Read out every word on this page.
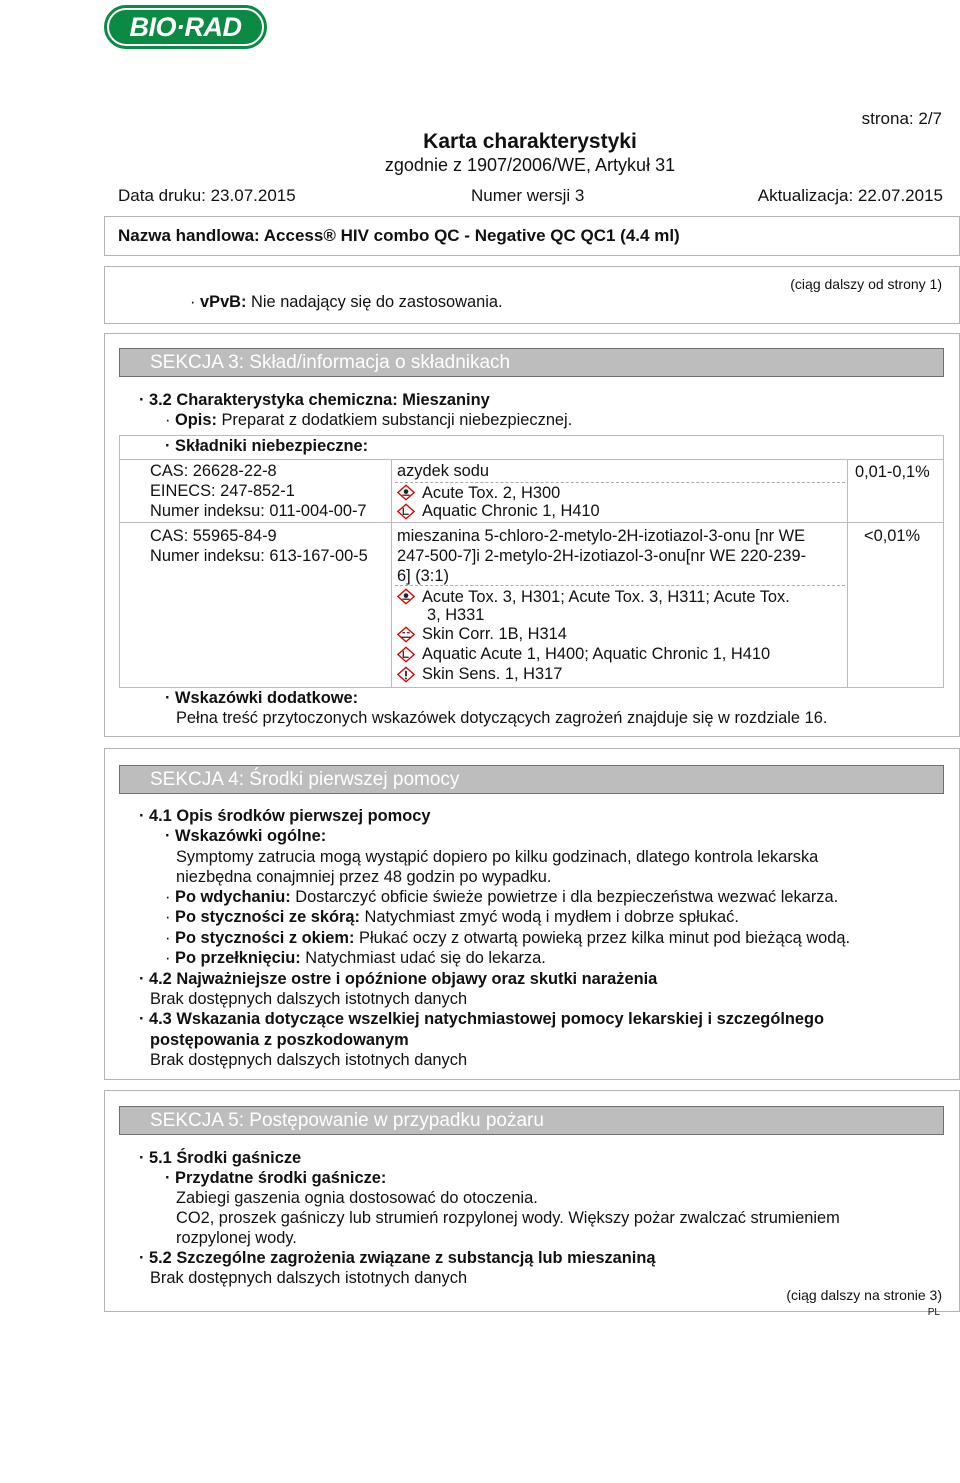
BIO·RAD
strona: 2/7
Karta charakterystyki
zgodnie z 1907/2006/WE, Artykuł 31
Data druku: 23.07.2015	Numer wersji 3	Aktualizacja: 22.07.2015
Nazwa handlowa: Access® HIV combo QC - Negative QC QC1 (4.4 ml)
(ciąg dalszy od strony 1)
· vPvB: Nie nadający się do zastosowania.
SEKCJA 3: Skład/informacja o składnikach
· 3.2 Charakterystyka chemiczna: Mieszaniny
· Opis: Preparat z dodatkiem substancji niebezpiecznej.
· Składniki niebezpieczne:
CAS: 26628-22-8
EINECS: 247-852-1
Numer indeksu: 011-004-00-7
azydek sodu
Acute Tox. 2, H300
Aquatic Chronic 1, H410
0,01-0,1%
CAS: 55965-84-9
Numer indeksu: 613-167-00-5
mieszanina 5-chloro-2-metylo-2H-izotiazol-3-onu [nr WE
247-500-7]i 2-metylo-2H-izotiazol-3-onu[nr WE 220-239-
6] (3:1)
Acute Tox. 3, H301; Acute Tox. 3, H311; Acute Tox.
3, H331
Skin Corr. 1B, H314
Aquatic Acute 1, H400; Aquatic Chronic 1, H410
Skin Sens. 1, H317
<0,01%
· Wskazówki dodatkowe:
Pełna treść przytoczonych wskazówek dotyczących zagrożeń znajduje się w rozdziale 16.
SEKCJA 4: Środki pierwszej pomocy
· 4.1 Opis środków pierwszej pomocy
· Wskazówki ogólne:
Symptomy zatrucia mogą wystąpić dopiero po kilku godzinach, dlatego kontrola lekarska
niezbędna conajmniej przez 48 godzin po wypadku.
· Po wdychaniu: Dostarczyć obficie świeże powietrze i dla bezpieczeństwa wezwać lekarza.
· Po styczności ze skórą: Natychmiast zmyć wodą i mydłem i dobrze spłukać.
· Po styczności z okiem: Płukać oczy z otwartą powieką przez kilka minut pod bieżącą wodą.
· Po przełknięciu: Natychmiast udać się do lekarza.
· 4.2 Najważniejsze ostre i opóźnione objawy oraz skutki narażenia
Brak dostępnych dalszych istotnych danych
· 4.3 Wskazania dotyczące wszelkiej natychmiastowej pomocy lekarskiej i szczególnego
postępowania z poszkodowanym
Brak dostępnych dalszych istotnych danych
SEKCJA 5: Postępowanie w przypadku pożaru
· 5.1 Środki gaśnicze
· Przydatne środki gaśnicze:
Zabiegi gaszenia ognia dostosować do otoczenia.
CO2, proszek gaśniczy lub strumień rozpylonej wody. Większy pożar zwalczać strumieniem
rozpylonej wody.
· 5.2 Szczególne zagrożenia związane z substancją lub mieszaniną
Brak dostępnych dalszych istotnych danych
(ciąg dalszy na stronie 3)
PL
